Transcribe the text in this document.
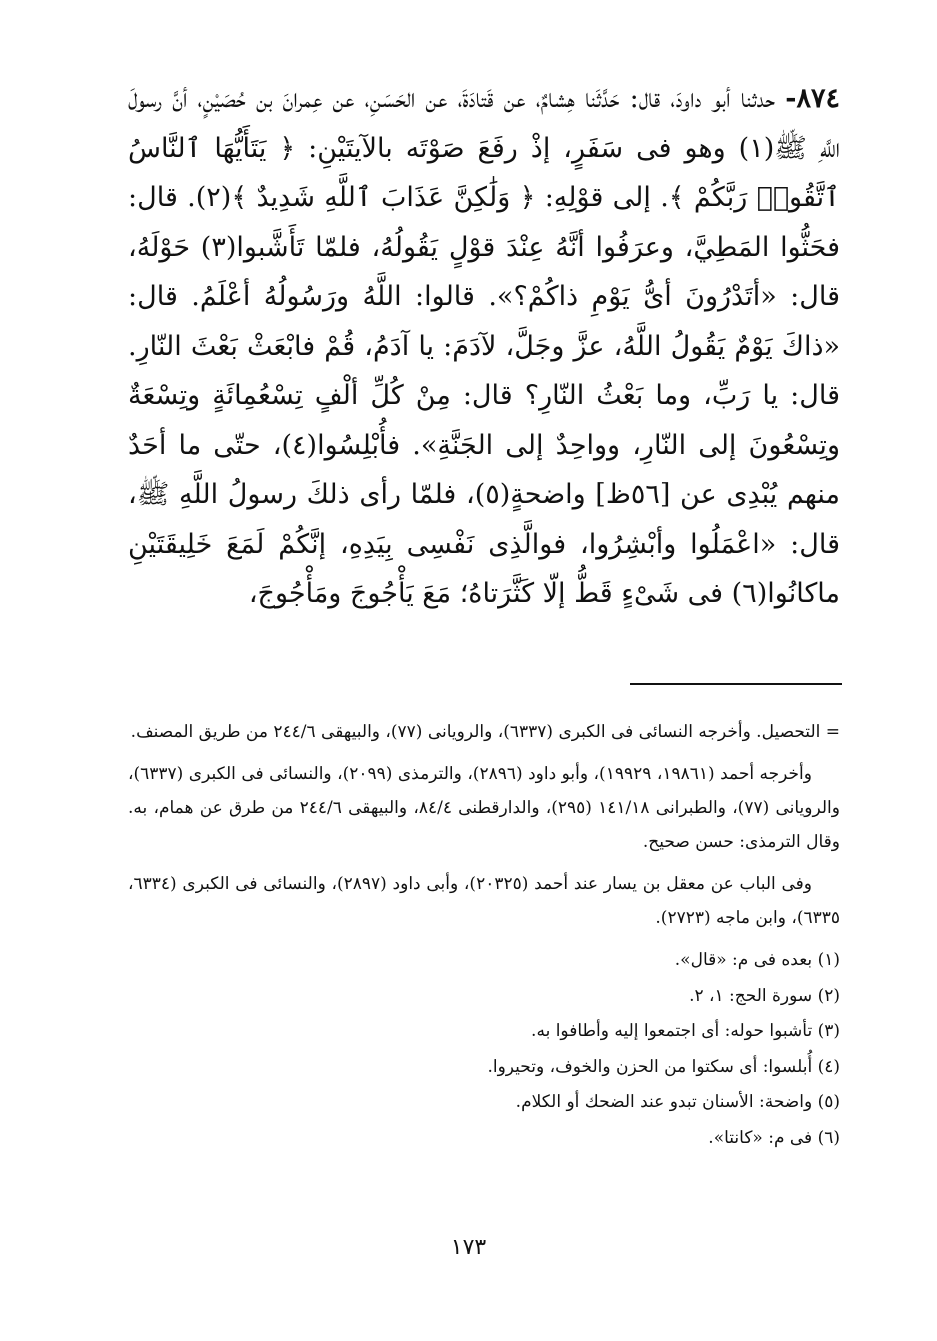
٨٧٤- حدثنا أبو داودَ، قال: حَدَّثَنا هِشامٌ، عن قَتادَةَ، عن الحَسَنِ، عن عِمرانَ بن حُصَيْنٍ، أنَّ رسولَ اللَّهِ ﷺ(١) وهو فى سَفَرٍ، إذْ رفَعَ صَوْتَه بالآيتَيْنِ: ﴿ يَتَأَيُّهَا ٱلنَّاسُ ٱتَّقُوا۟ رَبَّكُمْ ﴾. إلى قوْلِهِ: ﴿ وَلَٰكِنَّ عَذَابَ ٱللَّهِ شَدِيدٌ ﴾(٢). قال: فحَثُّوا المَطِيَّ، وعرَفُوا أنَّهُ عِنْدَ قوْلٍ يَقُولُهُ، فلمّا تَأَشَّبوا(٣) حَوْلَهُ، قال: «أتَدْرُونَ أىُّ يَوْمِ ذاكُمْ؟». قالوا: اللَّهُ ورَسُولُهُ أعْلَمُ. قال: «ذاكَ يَوْمٌ يَقُولُ اللَّهُ، عزَّ وجَلَّ، لآدَمَ: يا آدَمُ، قُمْ فابْعَثْ بَعْثَ النّارِ. قال: يا رَبِّ، وما بَعْثُ النّارِ؟ قال: مِنْ كُلِّ ألْفٍ تِسْعُمِائَةٍ وتِسْعَةٌ وتِسْعُونَ إلى النّارِ، وواحِدٌ إلى الجَنَّةِ». فأُبْلِسُوا(٤)، حتّى ما أحَدٌ منهم يُبْدِى عن [٥٦ظ] واضحةٍ(٥)، فلمّا رأى ذلكَ رسولُ اللَّهِ ﷺ، قال: «اعْمَلُوا وأبْشِرُوا، فوالَّذِى نَفْسِى بِيَدِهِ، إنَّكُمْ لَمَعَ خَلِيقَتَيْنِ ماكانُوا(٦) فى شَىْءٍ قَطُّ إلّا كَثَّرَتاهُ؛ مَعَ يَأْجُوجَ ومَأْجُوجَ،

= التحصيل. وأخرجه النسائى فى الكبرى (٦٣٣٧)، والرويانى (٧٧)، والبيهقى ٢٤٤/٦ من طريق المصنف.

وأخرجه أحمد (١٩٨٦١، ١٩٩٢٩)، وأبو داود (٢٨٩٦)، والترمذى (٢٠٩٩)، والنسائى فى الكبرى (٦٣٣٧)، والرويانى (٧٧)، والطبرانى ١٤١/١٨ (٢٩٥)، والدارقطنى ٨٤/٤، والبيهقى ٢٤٤/٦ من طرق عن همام، به. وقال الترمذى: حسن صحيح.

وفى الباب عن معقل بن يسار عند أحمد (٢٠٣٢٥)، وأبى داود (٢٨٩٧)، والنسائى فى الكبرى (٦٣٣٤، ٦٣٣٥)، وابن ماجه (٢٧٢٣).

(١) بعده فى م: «قال».

(٢) سورة الحج: ١، ٢.

(٣) تأشبوا حوله: أى اجتمعوا إليه وأطافوا به.

(٤) أُبلسوا: أى سكتوا من الحزن والخوف، وتحيروا.

(٥) واضحة: الأسنان تبدو عند الضحك أو الكلام.

(٦) فى م: «كانتا».

١٧٣
